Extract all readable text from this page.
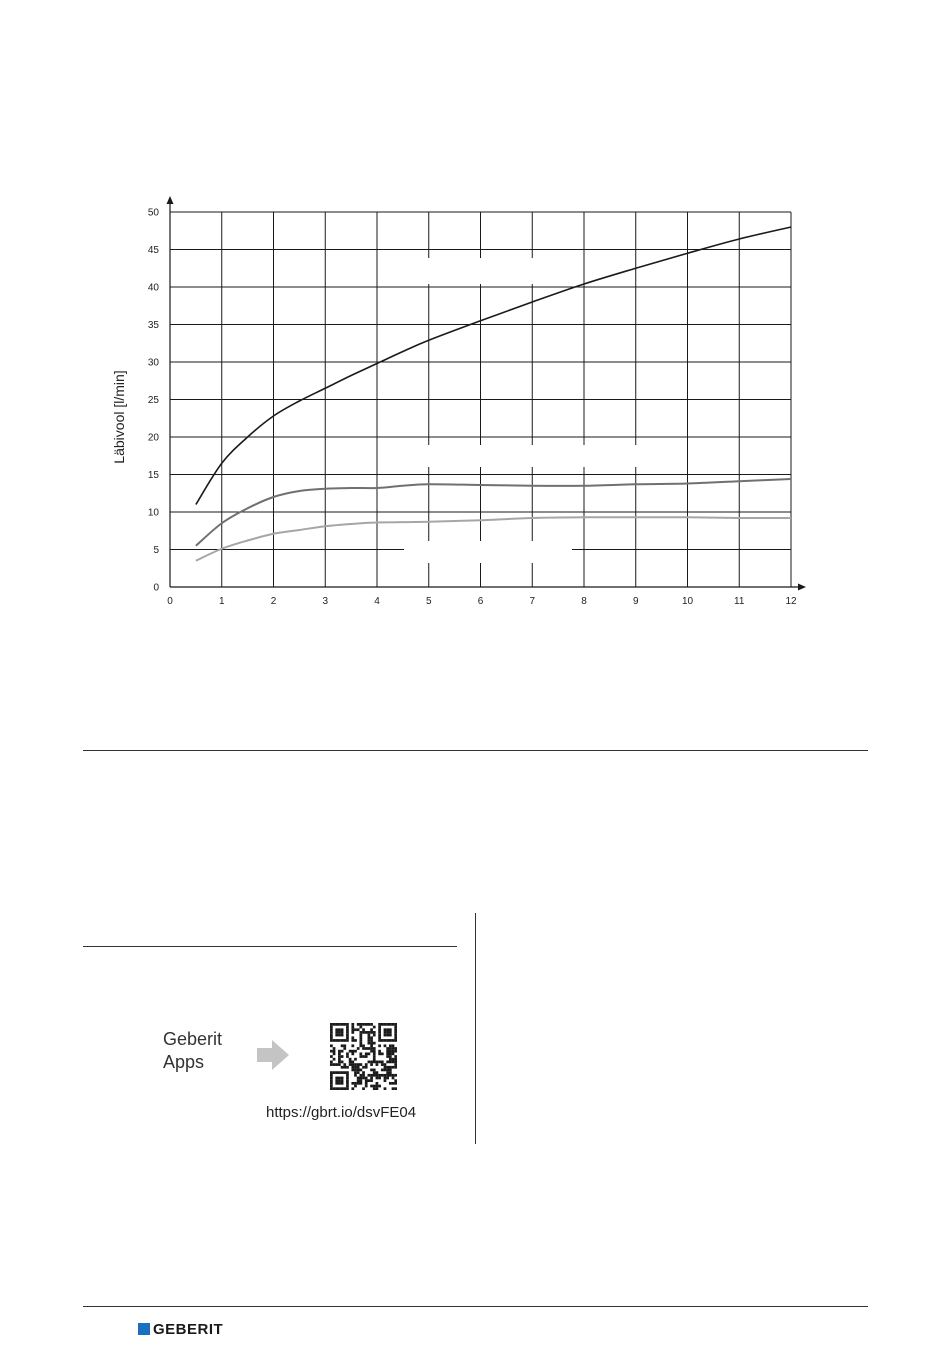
0	1	2	3	4	5	6	7	8	9	10	11	12
0
5
10
15
20
25
30
35
40
45
50
Läbivool [l/min]
Geberit
Apps
https://gbrt.io/dsvFE04
GEBERIT
